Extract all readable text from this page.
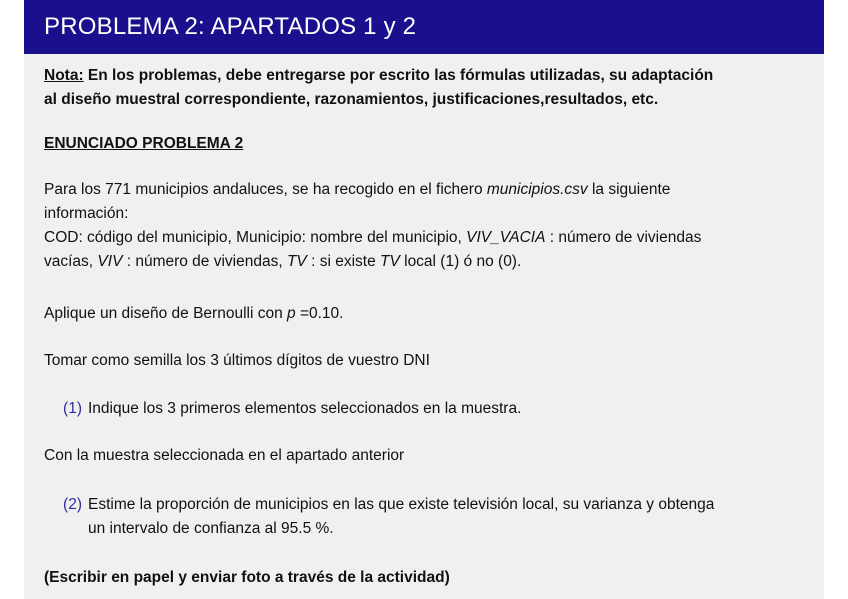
PROBLEMA 2: APARTADOS 1 y 2
Nota: En los problemas, debe entregarse por escrito las fórmulas utilizadas, su adaptación
al diseño muestral correspondiente, razonamientos, justificaciones,resultados, etc.
ENUNCIADO PROBLEMA 2
Para los 771 municipios andaluces, se ha recogido en el fichero municipios.csv la siguiente
información:
COD: código del municipio, Municipio: nombre del municipio, VIV_VACIA : número de viviendas
vacías, VIV : número de viviendas, TV : si existe TV local (1) ó no (0).
Aplique un diseño de Bernoulli con p =0.10.
Tomar como semilla los 3 últimos dígitos de vuestro DNI
(1) Indique los 3 primeros elementos seleccionados en la muestra.
Con la muestra seleccionada en el apartado anterior
(2) Estime la proporción de municipios en las que existe televisión local, su varianza y obtenga
un intervalo de confianza al 95.5 %.
(Escribir en papel y enviar foto a través de la actividad)
